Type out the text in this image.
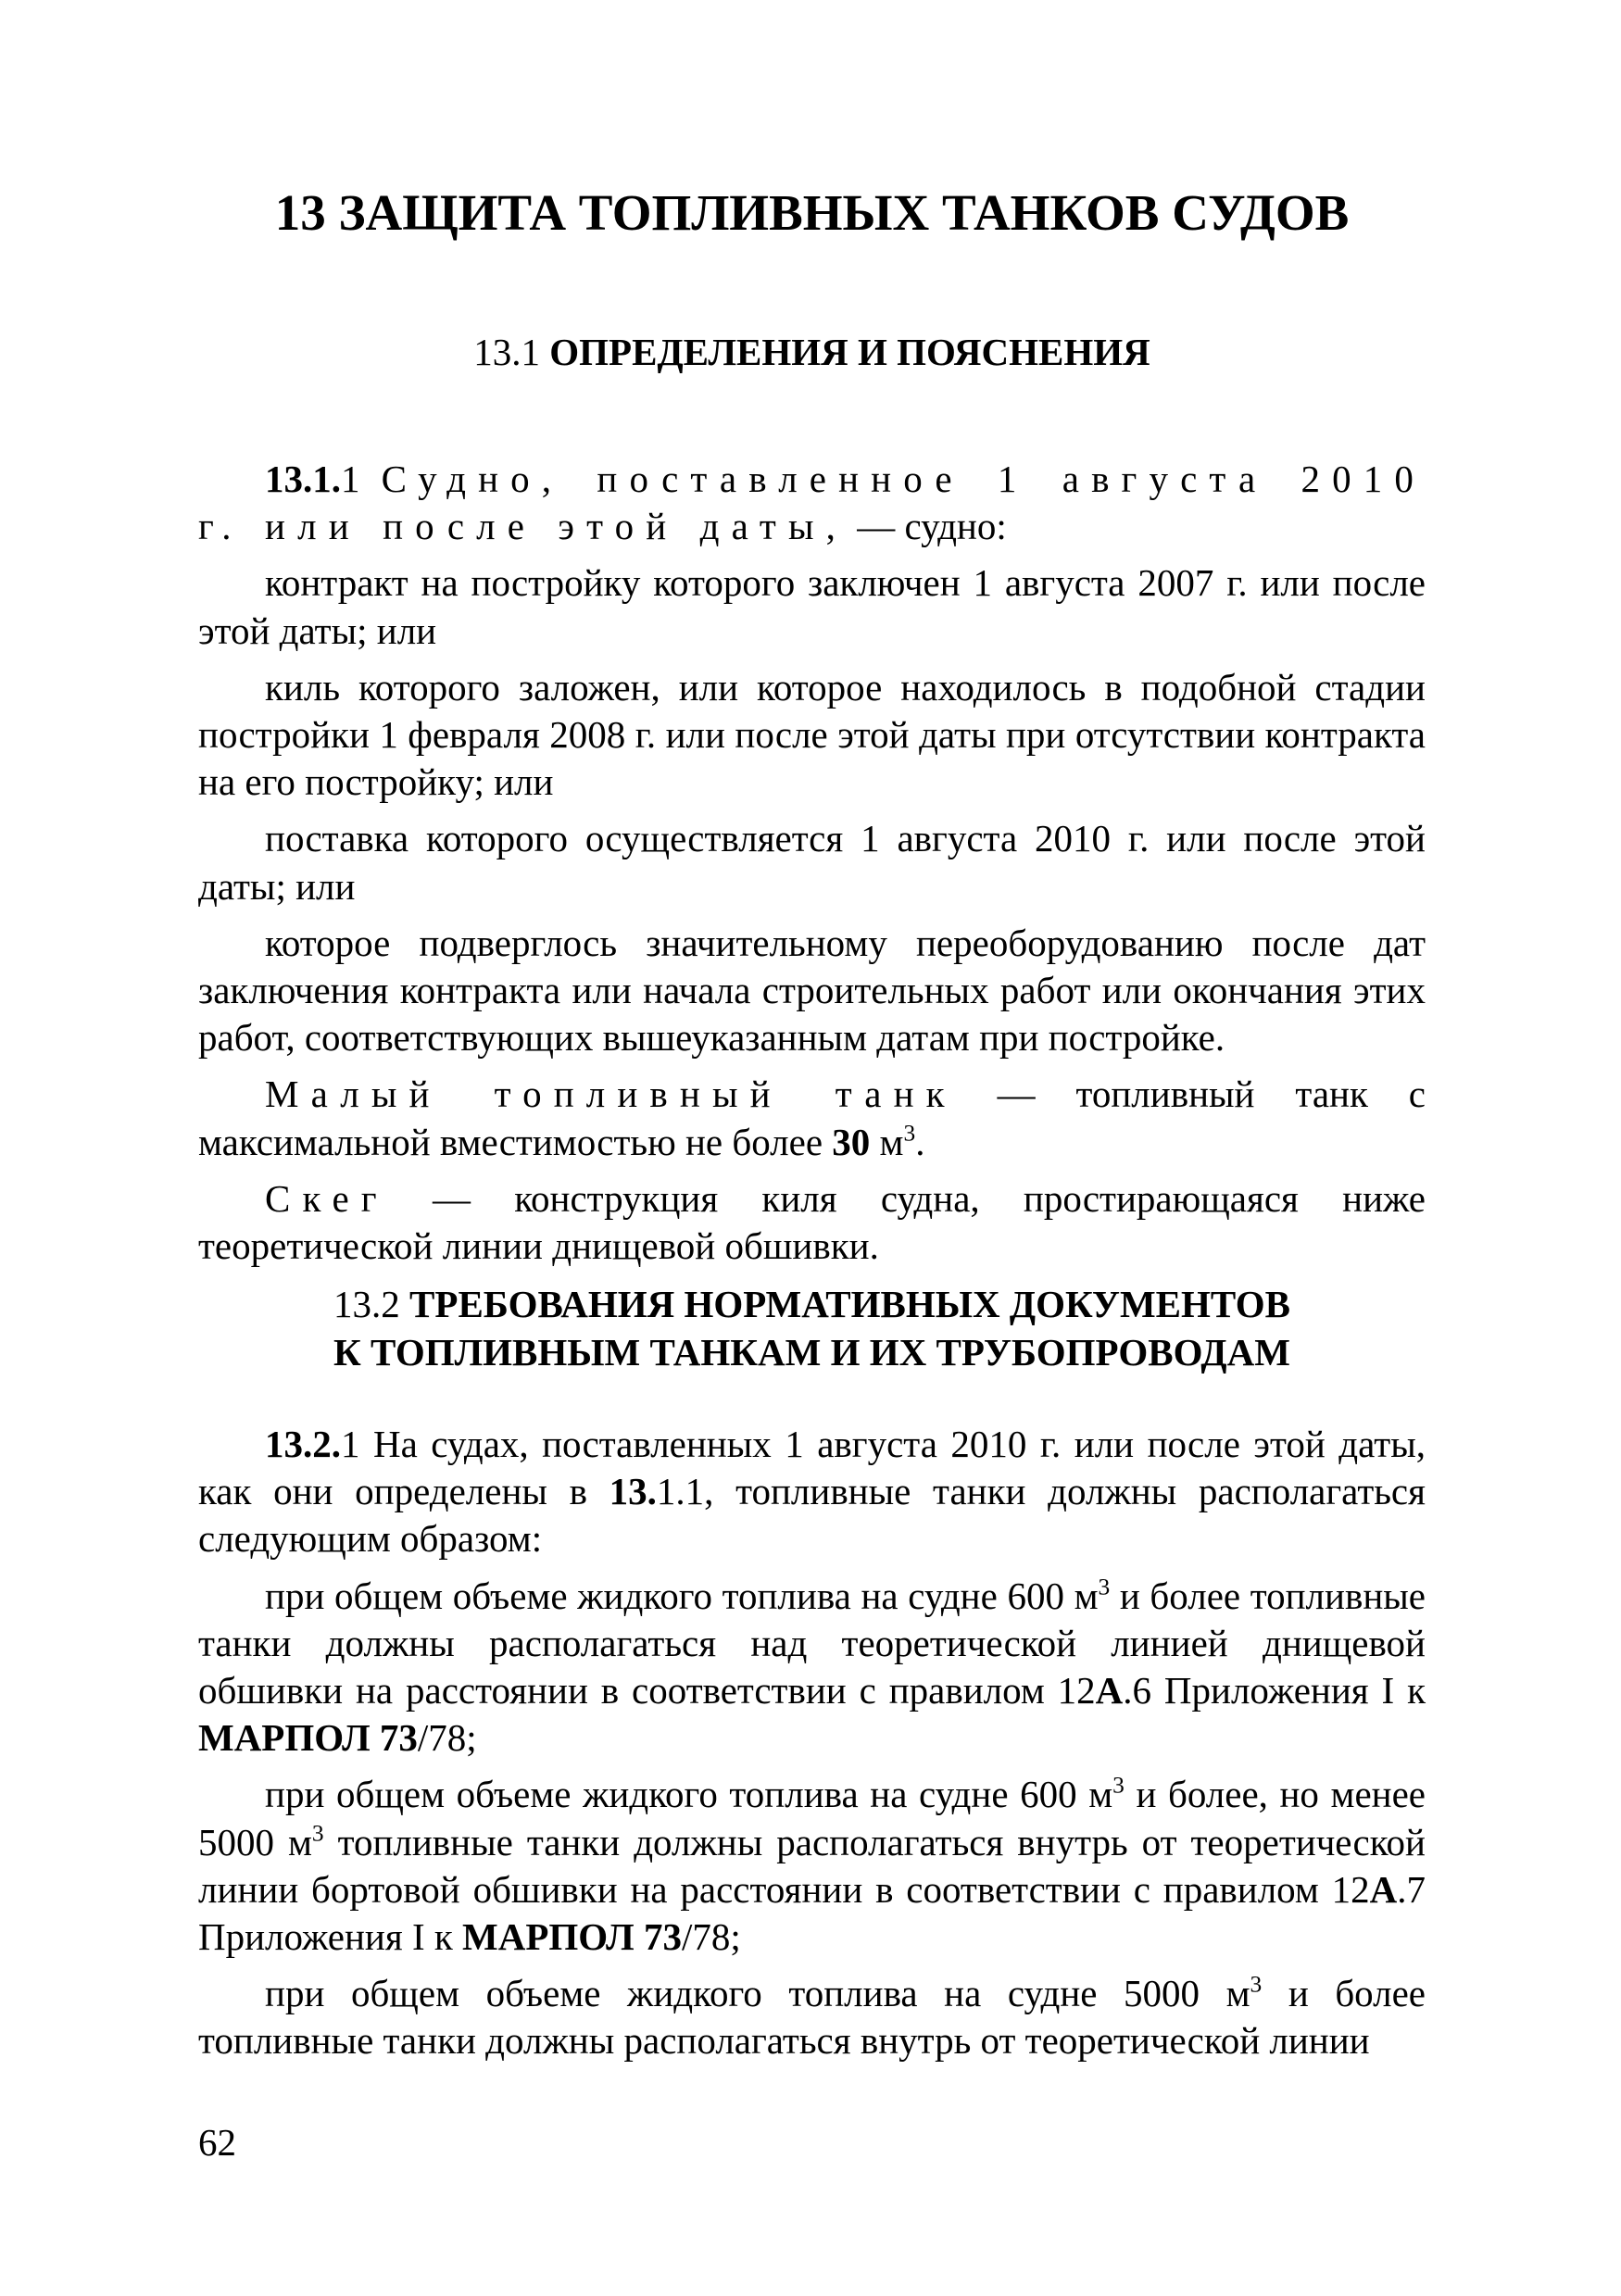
13 ЗАЩИТА ТОПЛИВНЫХ ТАНКОВ СУДОВ
13.1 ОПРЕДЕЛЕНИЯ И ПОЯСНЕНИЯ

13.1.1 Судно, поставленное 1 августа 2010 г. или после этой даты, — судно:

контракт на постройку которого заключен 1 августа 2007 г. или после этой даты; или

киль которого заложен, или которое находилось в подобной стадии постройки 1 февраля 2008 г. или после этой даты при отсутствии контракта на его постройку; или

поставка которого осуществляется 1 августа 2010 г. или после этой даты; или

которое подверглось значительному переоборудованию после дат заключения контракта или начала строительных работ или окончания этих работ, соответствующих вышеуказанным датам при постройке.

Малый топливный танк — топливный танк с максимальной вместимостью не более 30 $м^3$.

Скег — конструкция киля судна, простирающаяся ниже теоретической линии днищевой обшивки.

13.2 ТРЕБОВАНИЯ НОРМАТИВНЫХ ДОКУМЕНТОВ
К ТОПЛИВНЫМ ТАНКАМ И ИХ ТРУБОПРОВОДАМ

13.2.1 На судах, поставленных 1 августа 2010 г. или после этой даты, как они определены в 13.1.1, топливные танки должны располагаться следующим образом:

при общем объеме жидкого топлива на судне 600 $м^3$ и более топливные танки должны располагаться над теоретической линией днищевой обшивки на расстоянии в соответствии с правилом 12А.6 Приложения I к МАРПОЛ 73/78;

при общем объеме жидкого топлива на судне 600 $м^3$ и более, но менее 5000 $м^3$ топливные танки должны располагаться внутрь от теоретической линии бортовой обшивки на расстоянии в соответствии с правилом 12А.7 Приложения I к МАРПОЛ 73/78;

при общем объеме жидкого топлива на судне 5000 $м^3$ и более топливные танки должны располагаться внутрь от теоретической линии

62
